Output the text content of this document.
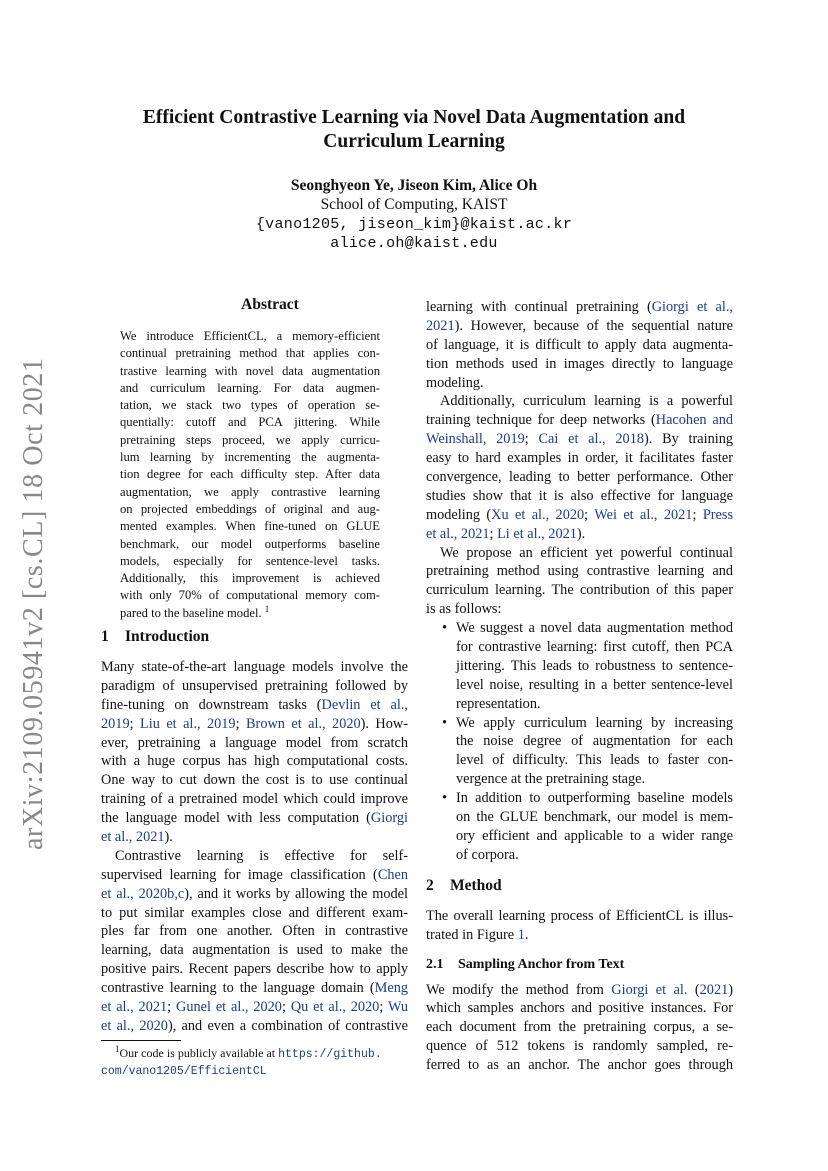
Efficient Contrastive Learning via Novel Data Augmentation and
Curriculum Learning
Seonghyeon Ye, Jiseon Kim, Alice Oh
School of Computing, KAIST
{vano1205, jiseon_kim}@kaist.ac.kr
alice.oh@kaist.edu
arXiv:2109.05941v2 [cs.CL] 18 Oct 2021
Abstract
We introduce EfficientCL, a memory-efficient
continual pretraining method that applies con-
trastive learning with novel data augmentation
and curriculum learning. For data augmen-
tation, we stack two types of operation se-
quentially: cutoff and PCA jittering. While
pretraining steps proceed, we apply curricu-
lum learning by incrementing the augmenta-
tion degree for each difficulty step. After data
augmentation, we apply contrastive learning
on projected embeddings of original and aug-
mented examples. When fine-tuned on GLUE
benchmark, our model outperforms baseline
models, especially for sentence-level tasks.
Additionally, this improvement is achieved
with only 70% of computational memory com-
pared to the baseline model. $^1$
1 Introduction
Many state-of-the-art language models involve the
paradigm of unsupervised pretraining followed by
fine-tuning on downstream tasks (Devlin et al.,
2019; Liu et al., 2019; Brown et al., 2020). How-
ever, pretraining a language model from scratch
with a huge corpus has high computational costs.
One way to cut down the cost is to use continual
training of a pretrained model which could improve
the language model with less computation (Giorgi
et al., 2021).
Contrastive learning is effective for self-
supervised learning for image classification (Chen
et al., 2020b,c), and it works by allowing the model
to put similar examples close and different exam-
ples far from one another. Often in contrastive
learning, data augmentation is used to make the
positive pairs. Recent papers describe how to apply
contrastive learning to the language domain (Meng
et al., 2021; Gunel et al., 2020; Qu et al., 2020; Wu
et al., 2020), and even a combination of contrastive
$^1$Our code is publicly available at https://github.
com/vano1205/EfficientCL
learning with continual pretraining (Giorgi et al.,
2021). However, because of the sequential nature
of language, it is difficult to apply data augmenta-
tion methods used in images directly to language
modeling.
Additionally, curriculum learning is a powerful
training technique for deep networks (Hacohen and
Weinshall, 2019; Cai et al., 2018). By training
easy to hard examples in order, it facilitates faster
convergence, leading to better performance. Other
studies show that it is also effective for language
modeling (Xu et al., 2020; Wei et al., 2021; Press
et al., 2021; Li et al., 2021).
We propose an efficient yet powerful continual
pretraining method using contrastive learning and
curriculum learning. The contribution of this paper
is as follows:
• We suggest a novel data augmentation method
for contrastive learning: first cutoff, then PCA
jittering. This leads to robustness to sentence-
level noise, resulting in a better sentence-level
representation.
• We apply curriculum learning by increasing
the noise degree of augmentation for each
level of difficulty. This leads to faster con-
vergence at the pretraining stage.
• In addition to outperforming baseline models
on the GLUE benchmark, our model is mem-
ory efficient and applicable to a wider range
of corpora.
2 Method
The overall learning process of EfficientCL is illus-
trated in Figure 1.
2.1 Sampling Anchor from Text
We modify the method from Giorgi et al. (2021)
which samples anchors and positive instances. For
each document from the pretraining corpus, a se-
quence of 512 tokens is randomly sampled, re-
ferred to as an anchor. The anchor goes through
